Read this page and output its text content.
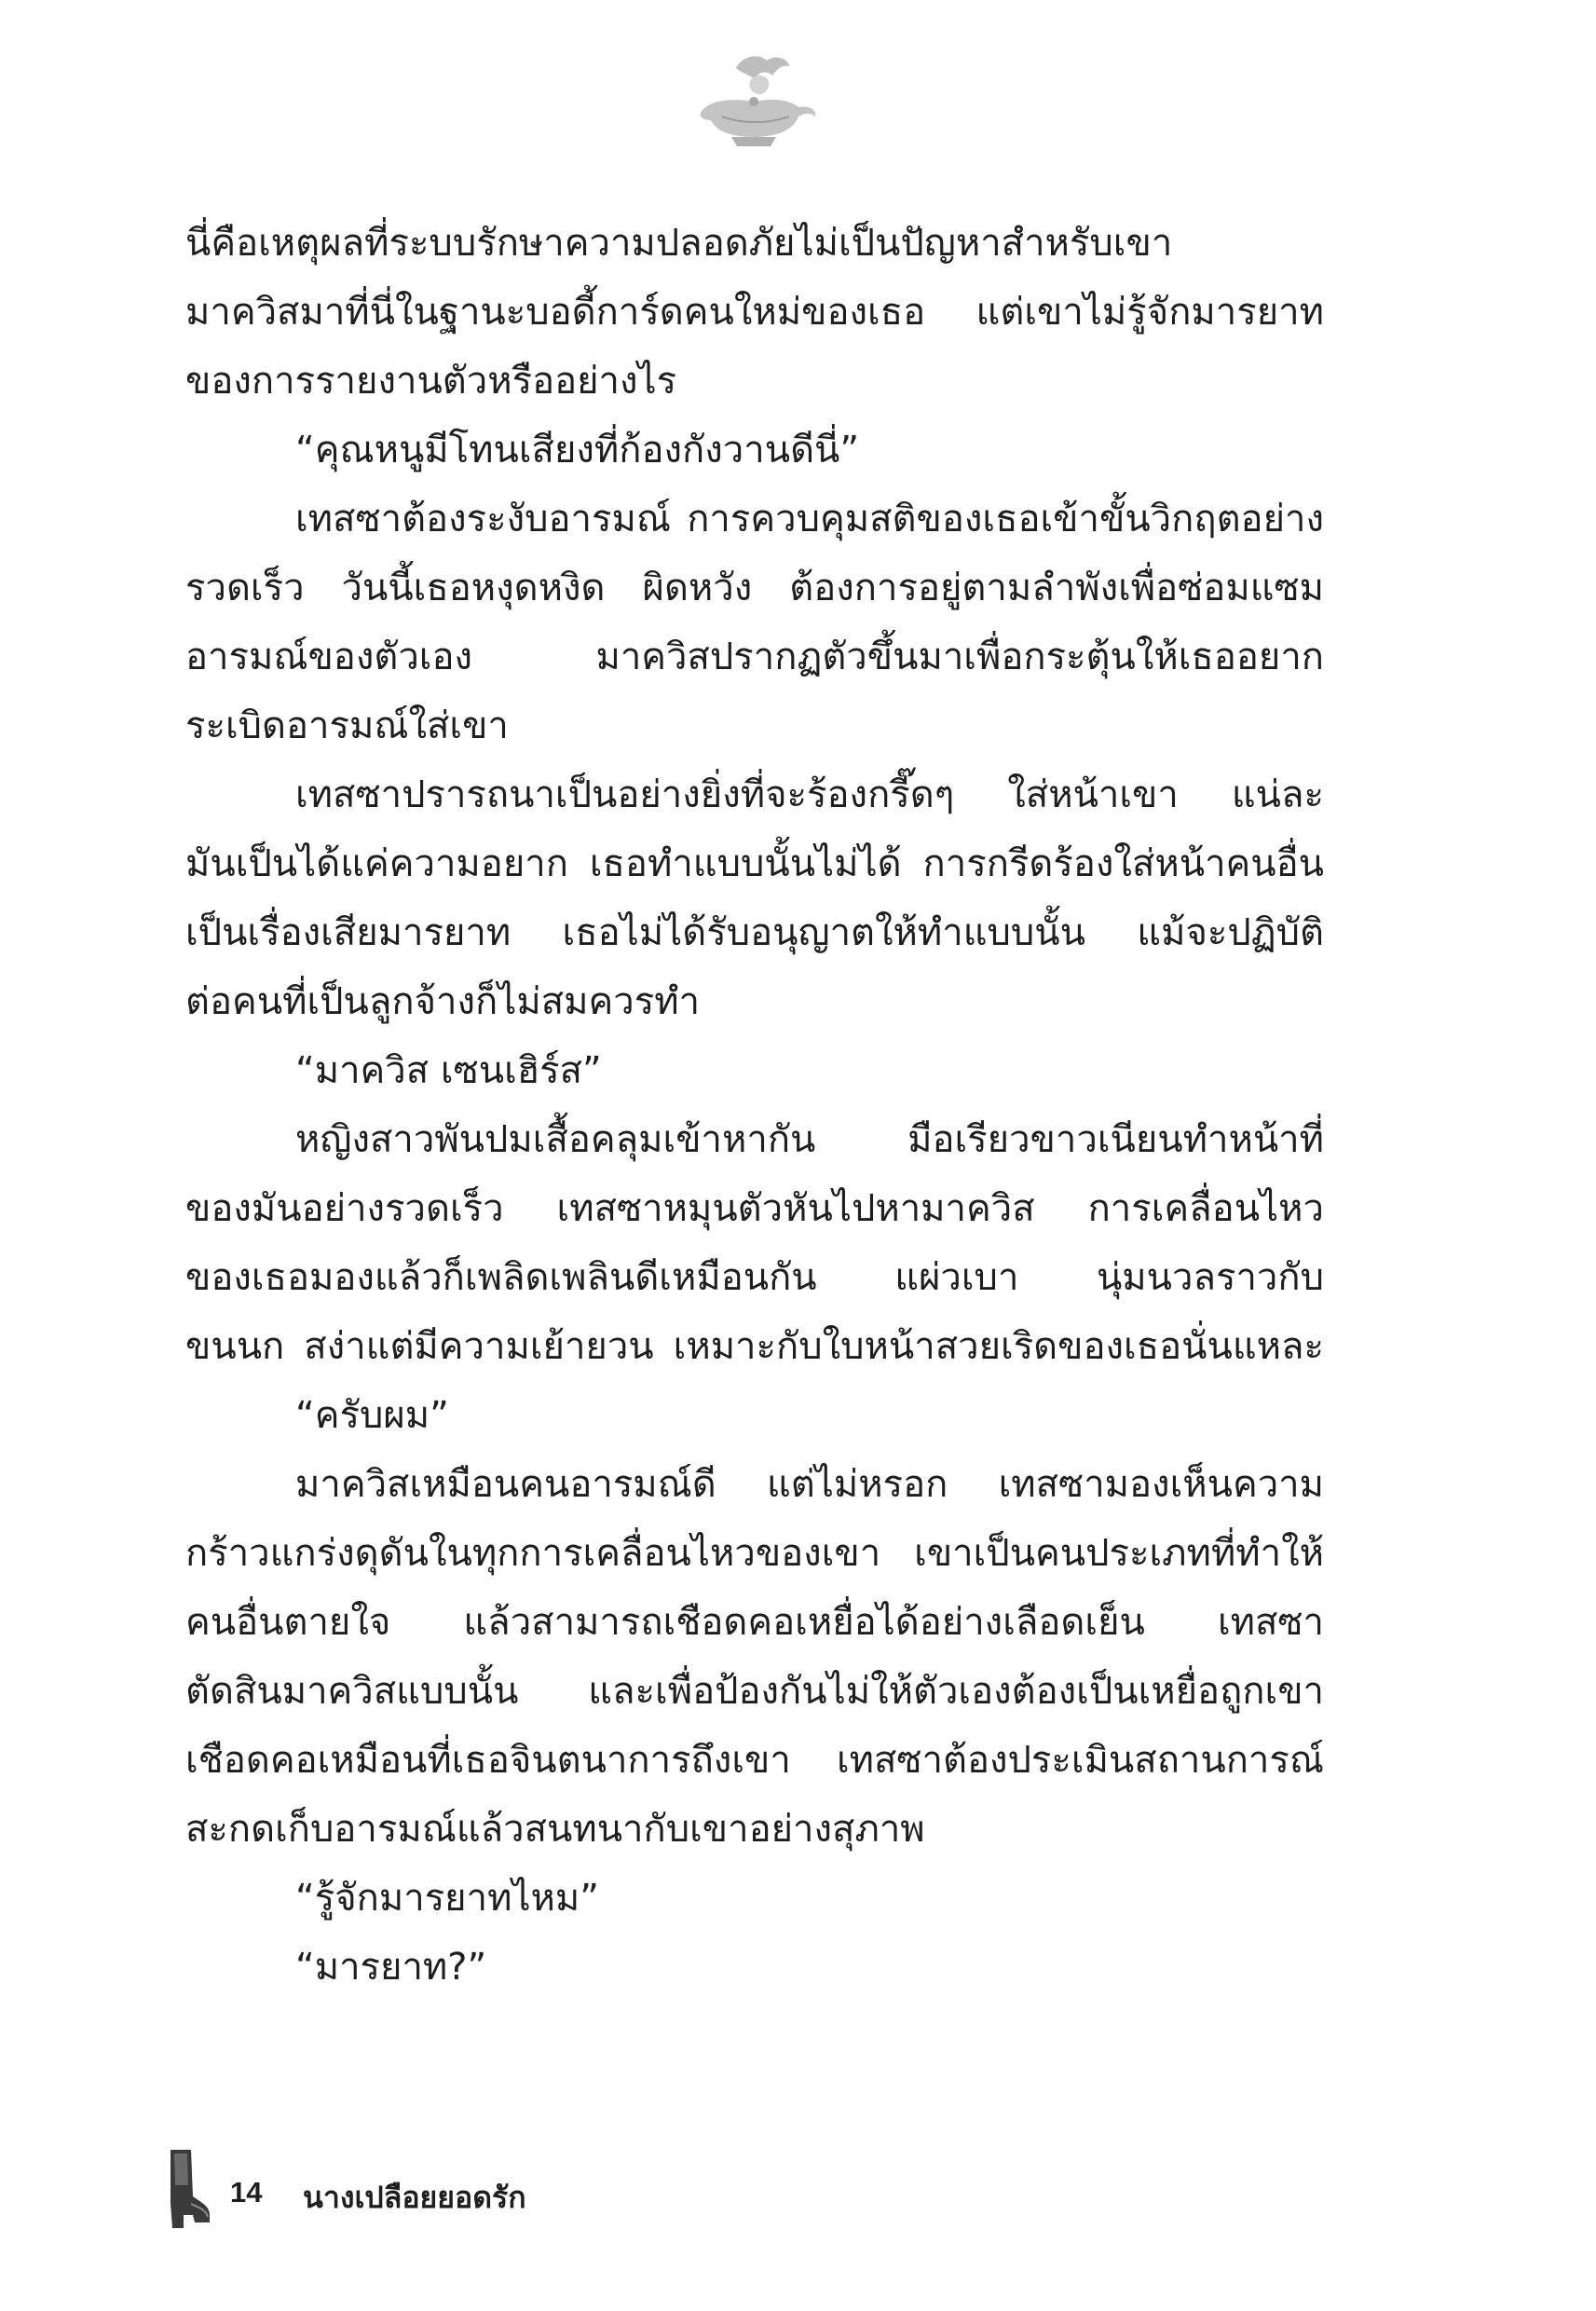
นี่คือเหตุผลที่ระบบรักษาความปลอดภัยไม่เป็นปัญหาสำหรับเขา
มาควิสมาที่นี่ในฐานะบอดี้การ์ดคนใหม่ของเธอ แต่เขาไม่รู้จักมารยาท
ของการรายงานตัวหรืออย่างไร
“คุณหนูมีโทนเสียงที่ก้องกังวานดีนี่”
เทสซาต้องระงับอารมณ์ การควบคุมสติของเธอเข้าขั้นวิกฤตอย่าง
รวดเร็ว วันนี้เธอหงุดหงิด ผิดหวัง ต้องการอยู่ตามลำพังเพื่อซ่อมแซม
อารมณ์ของตัวเอง มาควิสปรากฏตัวขึ้นมาเพื่อกระตุ้นให้เธออยาก
ระเบิดอารมณ์ใส่เขา
เทสซาปรารถนาเป็นอย่างยิ่งที่จะร้องกรี๊ดๆ ใส่หน้าเขา แน่ละ
มันเป็นได้แค่ความอยาก เธอทำแบบนั้นไม่ได้ การกรีดร้องใส่หน้าคนอื่น
เป็นเรื่องเสียมารยาท เธอไม่ได้รับอนุญาตให้ทำแบบนั้น แม้จะปฏิบัติ
ต่อคนที่เป็นลูกจ้างก็ไม่สมควรทำ
“มาควิส เซนเฮิร์ส”
หญิงสาวพันปมเสื้อคลุมเข้าหากัน มือเรียวขาวเนียนทำหน้าที่
ของมันอย่างรวดเร็ว เทสซาหมุนตัวหันไปหามาควิส การเคลื่อนไหว
ของเธอมองแล้วก็เพลิดเพลินดีเหมือนกัน แผ่วเบา นุ่มนวลราวกับ
ขนนก สง่าแต่มีความเย้ายวน เหมาะกับใบหน้าสวยเริดของเธอนั่นแหละ
“ครับผม”
มาควิสเหมือนคนอารมณ์ดี แต่ไม่หรอก เทสซามองเห็นความ
กร้าวแกร่งดุดันในทุกการเคลื่อนไหวของเขา เขาเป็นคนประเภทที่ทำให้
คนอื่นตายใจ แล้วสามารถเชือดคอเหยื่อได้อย่างเลือดเย็น เทสซา
ตัดสินมาควิสแบบนั้น และเพื่อป้องกันไม่ให้ตัวเองต้องเป็นเหยื่อถูกเขา
เชือดคอเหมือนที่เธอจินตนาการถึงเขา เทสซาต้องประเมินสถานการณ์
สะกดเก็บอารมณ์แล้วสนทนากับเขาอย่างสุภาพ
“รู้จักมารยาทไหม”
“มารยาท?”
14 นางเปลือยยอดรัก
